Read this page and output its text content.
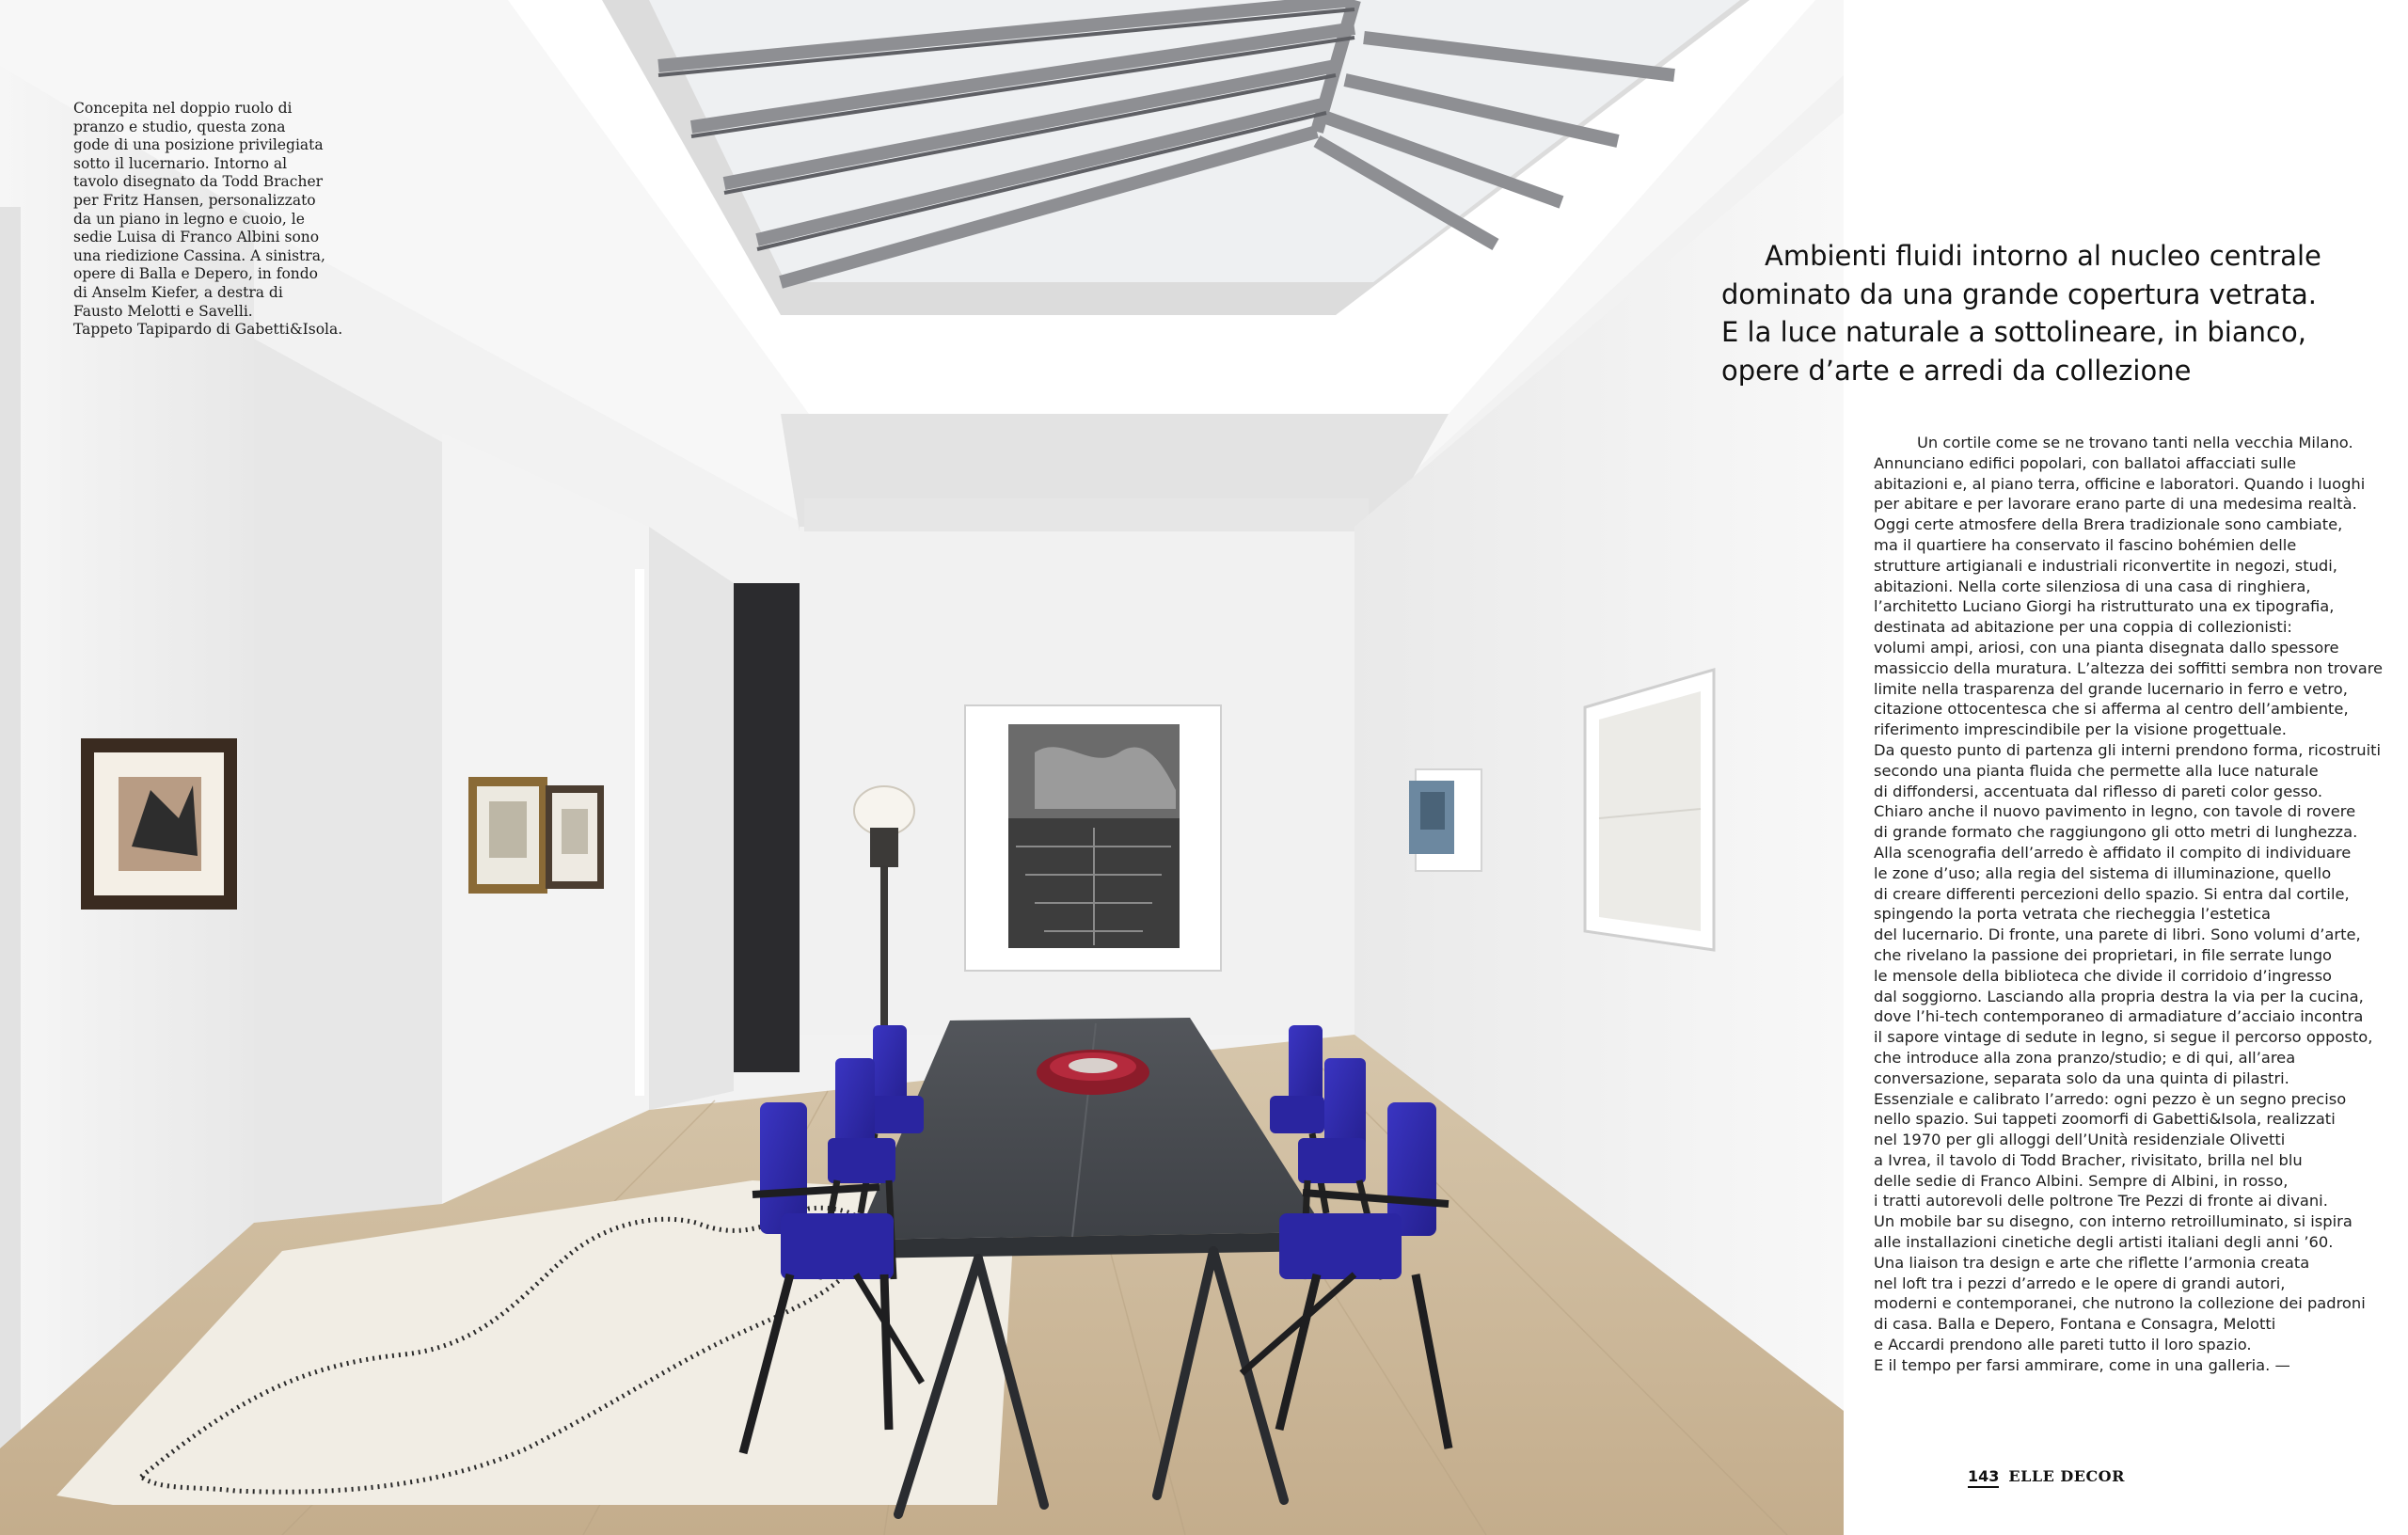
Concepita nel doppio ruolo di
pranzo e studio, questa zona
gode di una posizione privilegiata
sotto il lucernario. Intorno al
tavolo disegnato da Todd Bracher
per Fritz Hansen, personalizzato
da un piano in legno e cuoio, le
sedie Luisa di Franco Albini sono
una riedizione Cassina. A sinistra,
opere di Balla e Depero, in fondo
di Anselm Kiefer, a destra di
Fausto Melotti e Savelli.
Tappeto Tapipardo di Gabetti&Isola.
Ambienti fluidi intorno al nucleo centrale
dominato da una grande copertura vetrata.
E la luce naturale a sottolineare, in bianco,
opere d’arte e arredi da collezione
Un cortile come se ne trovano tanti nella vecchia Milano.
Annunciano edifici popolari, con ballatoi affacciati sulle
abitazioni e, al piano terra, officine e laboratori. Quando i luoghi
per abitare e per lavorare erano parte di una medesima realtà.
Oggi certe atmosfere della Brera tradizionale sono cambiate,
ma il quartiere ha conservato il fascino bohémien delle
strutture artigianali e industriali riconvertite in negozi, studi,
abitazioni. Nella corte silenziosa di una casa di ringhiera,
l’architetto Luciano Giorgi ha ristrutturato una ex tipografia,
destinata ad abitazione per una coppia di collezionisti:
volumi ampi, ariosi, con una pianta disegnata dallo spessore
massiccio della muratura. L’altezza dei soffitti sembra non trovare
limite nella trasparenza del grande lucernario in ferro e vetro,
citazione ottocentesca che si afferma al centro dell’ambiente,
riferimento imprescindibile per la visione progettuale.
Da questo punto di partenza gli interni prendono forma, ricostruiti
secondo una pianta fluida che permette alla luce naturale
di diffondersi, accentuata dal riflesso di pareti color gesso.
Chiaro anche il nuovo pavimento in legno, con tavole di rovere
di grande formato che raggiungono gli otto metri di lunghezza.
Alla scenografia dell’arredo è affidato il compito di individuare
le zone d’uso; alla regia del sistema di illuminazione, quello
di creare differenti percezioni dello spazio. Si entra dal cortile,
spingendo la porta vetrata che riecheggia l’estetica
del lucernario. Di fronte, una parete di libri. Sono volumi d’arte,
che rivelano la passione dei proprietari, in file serrate lungo
le mensole della biblioteca che divide il corridoio d’ingresso
dal soggiorno. Lasciando alla propria destra la via per la cucina,
dove l’hi-tech contemporaneo di armadiature d’acciaio incontra
il sapore vintage di sedute in legno, si segue il percorso opposto,
che introduce alla zona pranzo/studio; e di qui, all’area
conversazione, separata solo da una quinta di pilastri.
Essenziale e calibrato l’arredo: ogni pezzo è un segno preciso
nello spazio. Sui tappeti zoomorfi di Gabetti&Isola, realizzati
nel 1970 per gli alloggi dell’Unità residenziale Olivetti
a Ivrea, il tavolo di Todd Bracher, rivisitato, brilla nel blu
delle sedie di Franco Albini. Sempre di Albini, in rosso,
i tratti autorevoli delle poltrone Tre Pezzi di fronte ai divani.
Un mobile bar su disegno, con interno retroilluminato, si ispira
alle installazioni cinetiche degli artisti italiani degli anni ’60.
Una liaison tra design e arte che riflette l’armonia creata
nel loft tra i pezzi d’arredo e le opere di grandi autori,
moderni e contemporanei, che nutrono la collezione dei padroni
di casa. Balla e Depero, Fontana e Consagra, Melotti
e Accardi prendono alle pareti tutto il loro spazio.
E il tempo per farsi ammirare, come in una galleria. —
143 ELLE DECOR
